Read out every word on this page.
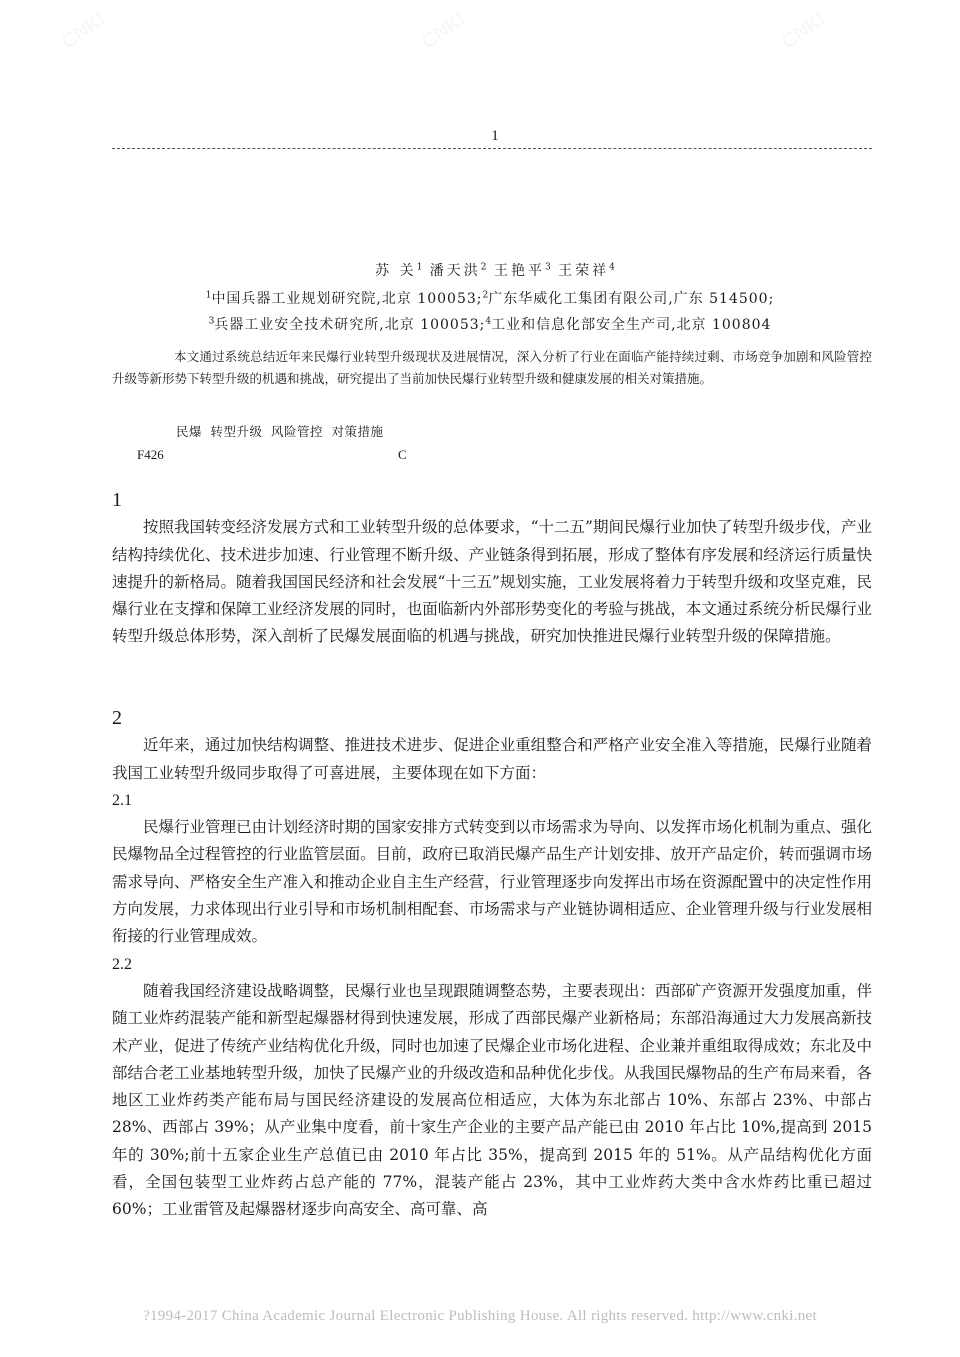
1
苏 关$^1$ 潘天洪$^2$ 王艳平$^3$ 王荣祥$^4$
$^1$中国兵器工业规划研究院,北京 100053;$^2$广东华威化工集团有限公司,广东 514500;
$^3$兵器工业安全技术研究所,北京 100053;$^4$工业和信息化部安全生产司,北京 100804
本文通过系统总结近年来民爆行业转型升级现状及进展情况，深入分析了行业在面临产能持续过剩、市场竞争加剧和风险管控升级等新形势下转型升级的机遇和挑战，研究提出了当前加快民爆行业转型升级和健康发展的相关对策措施。
民爆 转型升级 风险管控 对策措施
F426	C
1

按照我国转变经济发展方式和工业转型升级的总体要求，“十二五”期间民爆行业加快了转型升级步伐，产业结构持续优化、技术进步加速、行业管理不断升级、产业链条得到拓展，形成了整体有序发展和经济运行质量快速提升的新格局。随着我国国民经济和社会发展“十三五”规划实施，工业发展将着力于转型升级和攻坚克难，民爆行业在支撑和保障工业经济发展的同时，也面临新内外部形势变化的考验与挑战，本文通过系统分析民爆行业转型升级总体形势，深入剖析了民爆发展面临的机遇与挑战，研究加快推进民爆行业转型升级的保障措施。

2

近年来，通过加快结构调整、推进技术进步、促进企业重组整合和严格产业安全准入等措施，民爆行业随着我国工业转型升级同步取得了可喜进展，主要体现在如下方面：

2.1

民爆行业管理已由计划经济时期的国家安排方式转变到以市场需求为导向、以发挥市场化机制为重点、强化民爆物品全过程管控的行业监管层面。目前，政府已取消民爆产品生产计划安排、放开产品定价，转而强调市场需求导向、严格安全生产准入和推动企业自主生产经营，行业管理逐步向发挥出市场在资源配置中的决定性作用方向发展，力求体现出行业引导和市场机制相配套、市场需求与产业链协调相适应、企业管理升级与行业发展相衔接的行业管理成效。

2.2

随着我国经济建设战略调整，民爆行业也呈现跟随调整态势，主要表现出：西部矿产资源开发强度加重，伴随工业炸药混装产能和新型起爆器材得到快速发展，形成了西部民爆产业新格局；东部沿海通过大力发展高新技术产业，促进了传统产业结构优化升级，同时也加速了民爆企业市场化进程、企业兼并重组取得成效；东北及中部结合老工业基地转型升级，加快了民爆产业的升级改造和品种优化步伐。从我国民爆物品的生产布局来看，各地区工业炸药类产能布局与国民经济建设的发展高位相适应，大体为东北部占 10%、东部占 23%、中部占 28%、西部占 39%；从产业集中度看，前十家生产企业的主要产品产能已由 2010 年占比 10%,提高到 2015 年的 30%;前十五家企业生产总值已由 2010 年占比 35%，提高到 2015 年的 51%。从产品结构优化方面看，全国包装型工业炸药占总产能的 77%，混装产能占 23%，其中工业炸药大类中含水炸药比重已超过 60%；工业雷管及起爆器材逐步向高安全、高可靠、高

?1994-2017 China Academic Journal Electronic Publishing House. All rights reserved. http://www.cnki.net
